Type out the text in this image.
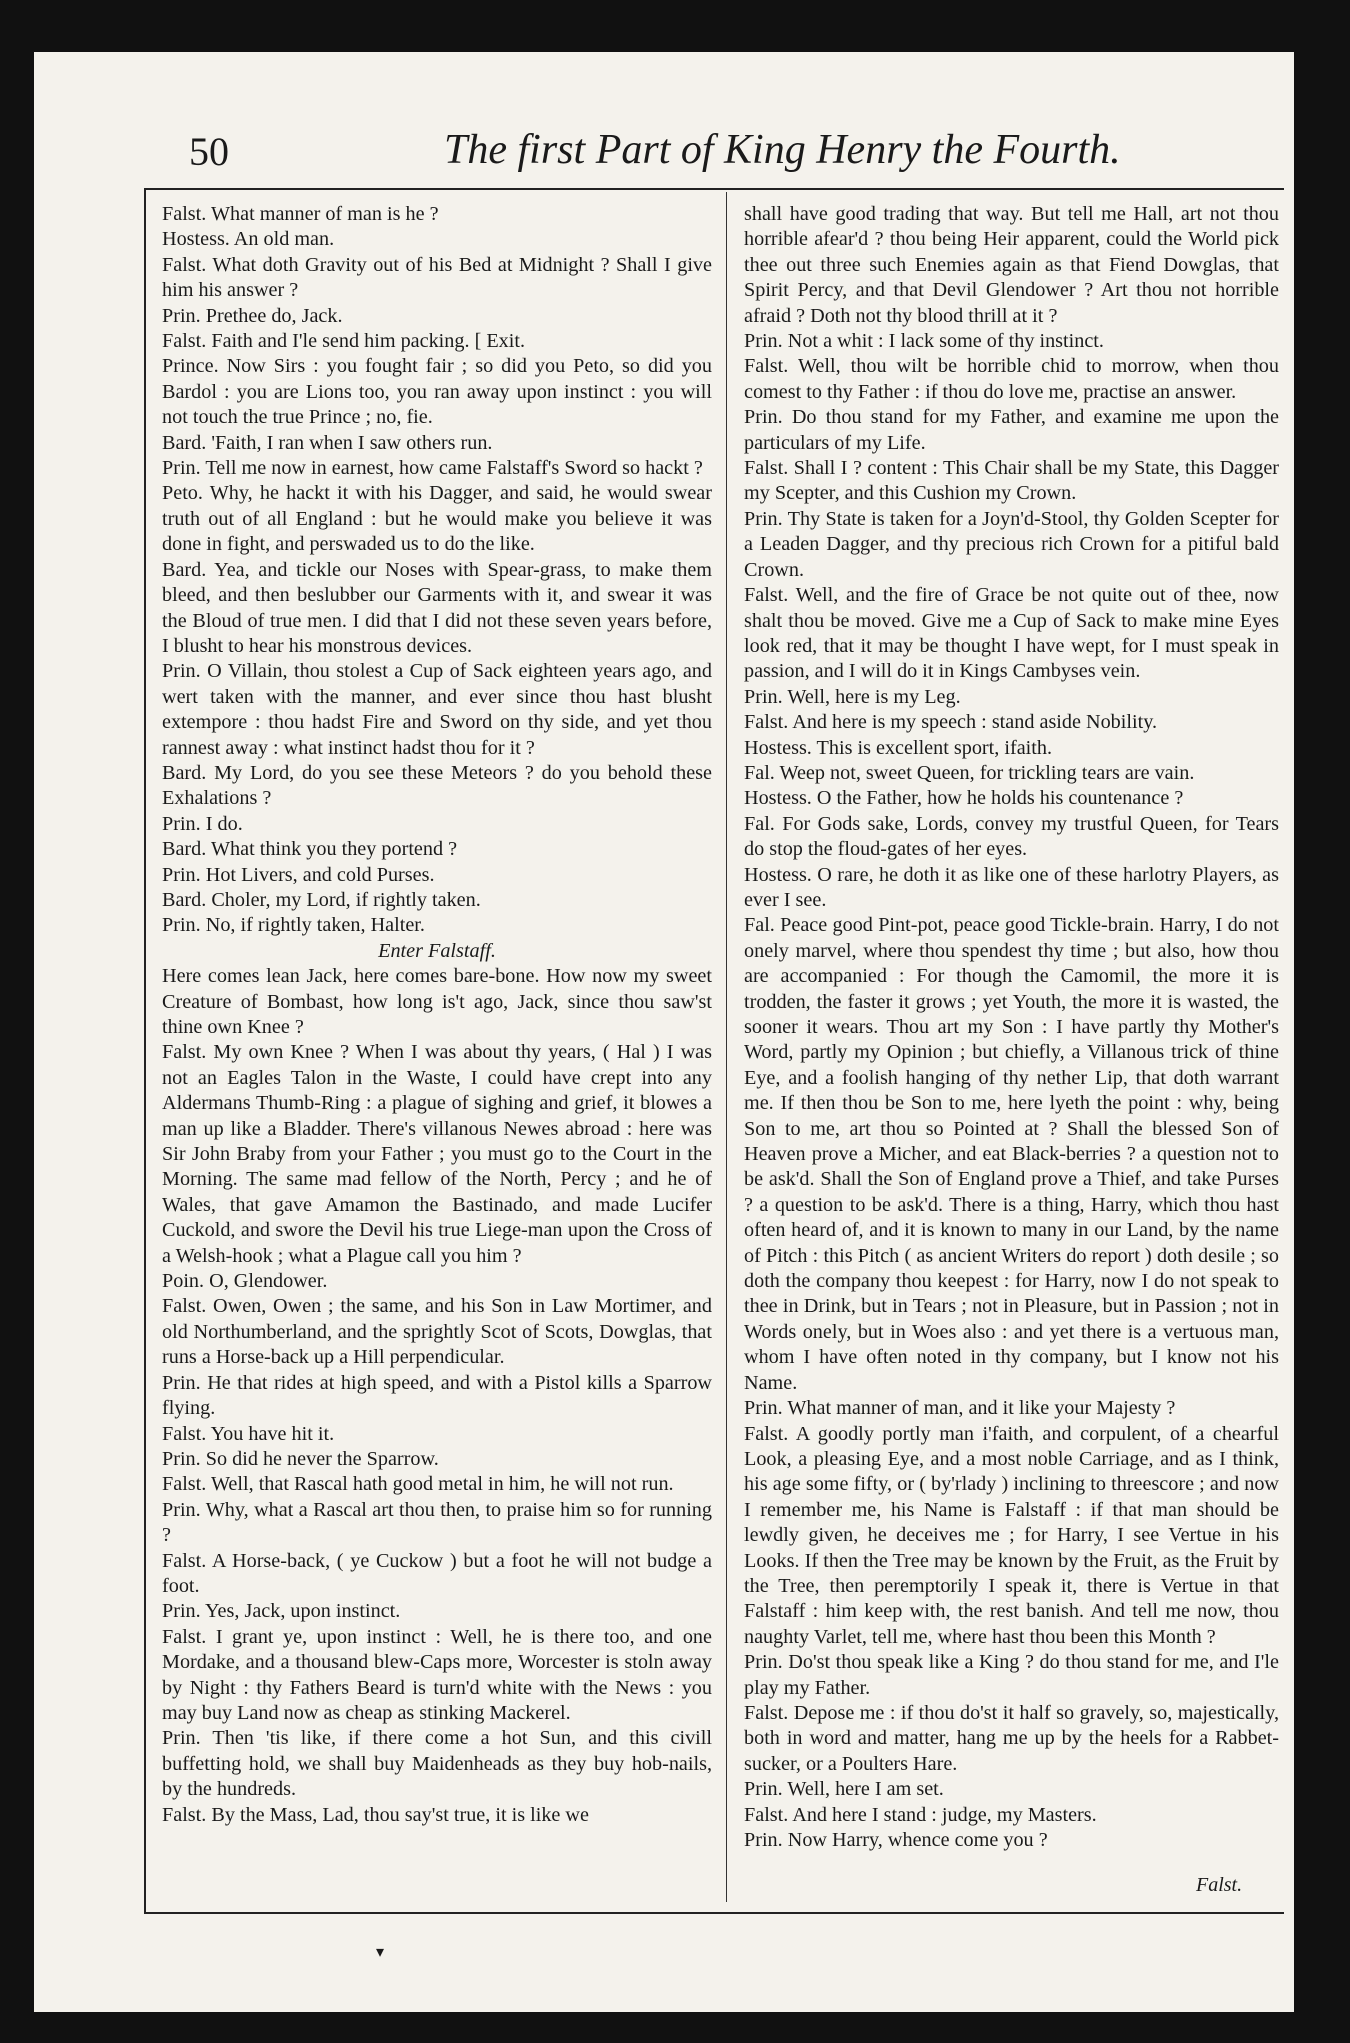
50	The first Part of King Henry the Fourth.

Falst. What manner of man is he ?

Hostess. An old man.

Falst. What doth Gravity out of his Bed at Midnight ? Shall I give him his answer ?

Prin. Prethee do, Jack.

Falst. Faith and I'le send him packing. [ Exit.

Prince. Now Sirs : you fought fair ; so did you Peto, so did you Bardol : you are Lions too, you ran away upon instinct : you will not touch the true Prince ; no, fie.

Bard. 'Faith, I ran when I saw others run.

Prin. Tell me now in earnest, how came Falstaff's Sword so hackt ?

Peto. Why, he hackt it with his Dagger, and said, he would swear truth out of all England : but he would make you believe it was done in fight, and perswaded us to do the like.

Bard. Yea, and tickle our Noses with Spear-grass, to make them bleed, and then beslubber our Garments with it, and swear it was the Bloud of true men. I did that I did not these seven years before, I blusht to hear his monstrous devices.

Prin. O Villain, thou stolest a Cup of Sack eighteen years ago, and wert taken with the manner, and ever since thou hast blusht extempore : thou hadst Fire and Sword on thy side, and yet thou rannest away : what instinct hadst thou for it ?

Bard. My Lord, do you see these Meteors ? do you behold these Exhalations ?

Prin. I do.

Bard. What think you they portend ?

Prin. Hot Livers, and cold Purses.

Bard. Choler, my Lord, if rightly taken.

Prin. No, if rightly taken, Halter.

Enter Falstaff.

Here comes lean Jack, here comes bare-bone. How now my sweet Creature of Bombast, how long is't ago, Jack, since thou saw'st thine own Knee ?

Falst. My own Knee ? When I was about thy years, ( Hal ) I was not an Eagles Talon in the Waste, I could have crept into any Aldermans Thumb-Ring : a plague of sighing and grief, it blowes a man up like a Bladder. There's villanous Newes abroad : here was Sir John Braby from your Father ; you must go to the Court in the Morning. The same mad fellow of the North, Percy ; and he of Wales, that gave Amamon the Bastinado, and made Lucifer Cuckold, and swore the Devil his true Liege-man upon the Cross of a Welsh-hook ; what a Plague call you him ?

Poin. O, Glendower.

Falst. Owen, Owen ; the same, and his Son in Law Mortimer, and old Northumberland, and the sprightly Scot of Scots, Dowglas, that runs a Horse-back up a Hill perpendicular.

Prin. He that rides at high speed, and with a Pistol kills a Sparrow flying.

Falst. You have hit it.

Prin. So did he never the Sparrow.

Falst. Well, that Rascal hath good metal in him, he will not run.

Prin. Why, what a Rascal art thou then, to praise him so for running ?

Falst. A Horse-back, ( ye Cuckow ) but a foot he will not budge a foot.

Prin. Yes, Jack, upon instinct.

Falst. I grant ye, upon instinct : Well, he is there too, and one Mordake, and a thousand blew-Caps more, Worcester is stoln away by Night : thy Fathers Beard is turn'd white with the News : you may buy Land now as cheap as stinking Mackerel.

Prin. Then 'tis like, if there come a hot Sun, and this civill buffetting hold, we shall buy Maidenheads as they buy hob-nails, by the hundreds.

Falst. By the Mass, Lad, thou say'st true, it is like we

shall have good trading that way. But tell me Hall, art not thou horrible afear'd ? thou being Heir apparent, could the World pick thee out three such Enemies again as that Fiend Dowglas, that Spirit Percy, and that Devil Glendower ? Art thou not horrible afraid ? Doth not thy blood thrill at it ?

Prin. Not a whit : I lack some of thy instinct.

Falst. Well, thou wilt be horrible chid to morrow, when thou comest to thy Father : if thou do love me, practise an answer.

Prin. Do thou stand for my Father, and examine me upon the particulars of my Life.

Falst. Shall I ? content : This Chair shall be my State, this Dagger my Scepter, and this Cushion my Crown.

Prin. Thy State is taken for a Joyn'd-Stool, thy Golden Scepter for a Leaden Dagger, and thy precious rich Crown for a pitiful bald Crown.

Falst. Well, and the fire of Grace be not quite out of thee, now shalt thou be moved. Give me a Cup of Sack to make mine Eyes look red, that it may be thought I have wept, for I must speak in passion, and I will do it in Kings Cambyses vein.

Prin. Well, here is my Leg.

Falst. And here is my speech : stand aside Nobility.

Hostess. This is excellent sport, ifaith.

Fal. Weep not, sweet Queen, for trickling tears are vain.

Hostess. O the Father, how he holds his countenance ?

Fal. For Gods sake, Lords, convey my trustful Queen, for Tears do stop the floud-gates of her eyes.

Hostess. O rare, he doth it as like one of these harlotry Players, as ever I see.

Fal. Peace good Pint-pot, peace good Tickle-brain. Harry, I do not onely marvel, where thou spendest thy time ; but also, how thou are accompanied : For though the Camomil, the more it is trodden, the faster it grows ; yet Youth, the more it is wasted, the sooner it wears. Thou art my Son : I have partly thy Mother's Word, partly my Opinion ; but chiefly, a Villanous trick of thine Eye, and a foolish hanging of thy nether Lip, that doth warrant me. If then thou be Son to me, here lyeth the point : why, being Son to me, art thou so Pointed at ? Shall the blessed Son of Heaven prove a Micher, and eat Black-berries ? a question not to be ask'd. Shall the Son of England prove a Thief, and take Purses ? a question to be ask'd. There is a thing, Harry, which thou hast often heard of, and it is known to many in our Land, by the name of Pitch : this Pitch ( as ancient Writers do report ) doth desile ; so doth the company thou keepest : for Harry, now I do not speak to thee in Drink, but in Tears ; not in Pleasure, but in Passion ; not in Words onely, but in Woes also : and yet there is a vertuous man, whom I have often noted in thy company, but I know not his Name.

Prin. What manner of man, and it like your Majesty ?

Falst. A goodly portly man i'faith, and corpulent, of a chearful Look, a pleasing Eye, and a most noble Carriage, and as I think, his age some fifty, or ( by'rlady ) inclining to threescore ; and now I remember me, his Name is Falstaff : if that man should be lewdly given, he deceives me ; for Harry, I see Vertue in his Looks. If then the Tree may be known by the Fruit, as the Fruit by the Tree, then peremptorily I speak it, there is Vertue in that Falstaff : him keep with, the rest banish. And tell me now, thou naughty Varlet, tell me, where hast thou been this Month ?

Prin. Do'st thou speak like a King ? do thou stand for me, and I'le play my Father.

Falst. Depose me : if thou do'st it half so gravely, so, majestically, both in word and matter, hang me up by the heels for a Rabbet-sucker, or a Poulters Hare.

Prin. Well, here I am set.

Falst. And here I stand : judge, my Masters.

Prin. Now Harry, whence come you ?

Falst.
▾
